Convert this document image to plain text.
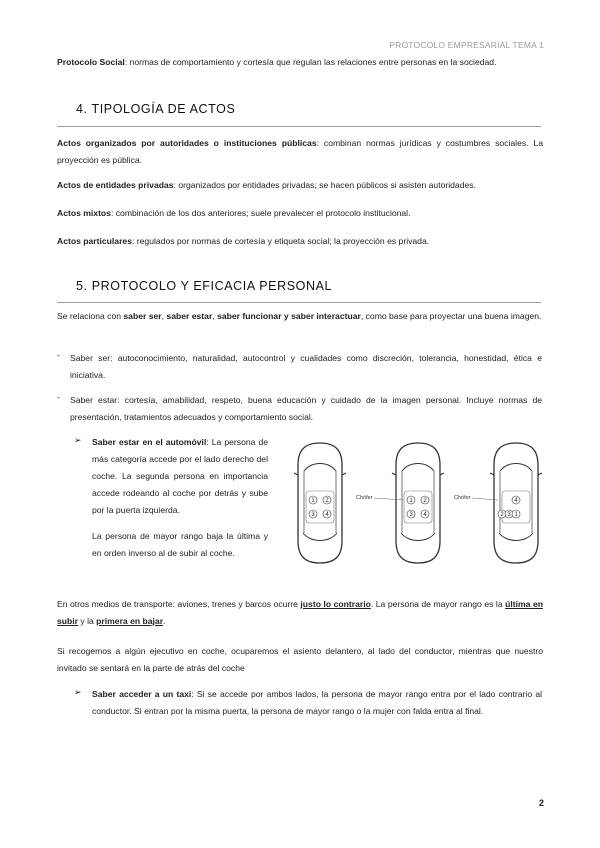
PROTOCOLO EMPRESARIAL TEMA 1
Protocolo Social: normas de comportamiento y cortesía que regulan las relaciones entre personas en la sociedad.
4. TIPOLOGÍA DE ACTOS
Actos organizados por autoridades o instituciones públicas: combinan normas jurídicas y costumbres sociales. La proyección es pública.
Actos de entidades privadas: organizados por entidades privadas; se hacen públicos si asisten autoridades.
Actos mixtos: combinación de los dos anteriores; suele prevalecer el protocolo institucional.
Actos particulares: regulados por normas de cortesía y etiqueta social; la proyección es privada.
5. PROTOCOLO Y EFICACIA PERSONAL
Se relaciona con saber ser, saber estar, saber funcionar y saber interactuar, como base para proyectar una buena imagen.
- Saber ser: autoconocimiento, naturalidad, autocontrol y cualidades como discreción, tolerancia, honestidad, ética e iniciativa.
- Saber estar: cortesía, amabilidad, respeto, buena educación y cuidado de la imagen personal. Incluye normas de presentación, tratamientos adecuados y comportamiento social.
➢ Saber estar en el automóvil: La persona de más categoría accede por el lado derecho del coche. La segunda persona en importancia accede rodeando al coche por detrás y sube por la puerta izquierda.
La persona de mayor rango baja la última y en orden inverso al de subir al coche.
1 2
3 4
1 2
3 4
4
2 3 1
Chófer	Chófer
En otros medios de transporte: aviones, trenes y barcos ocurre justo lo contrario. La persona de mayor rango es la última en subir y la primera en bajar.
Si recogemos a algún ejecutivo en coche, ocuparemos el asiento delantero, al lado del conductor, mientras que nuestro invitado se sentará en la parte de atrás del coche
➢ Saber acceder a un taxi: Si se accede por ambos lados, la persona de mayor rango entra por el lado contrario al conductor. Si entran por la misma puerta, la persona de mayor rango o la mujer con falda entra al final.
2
